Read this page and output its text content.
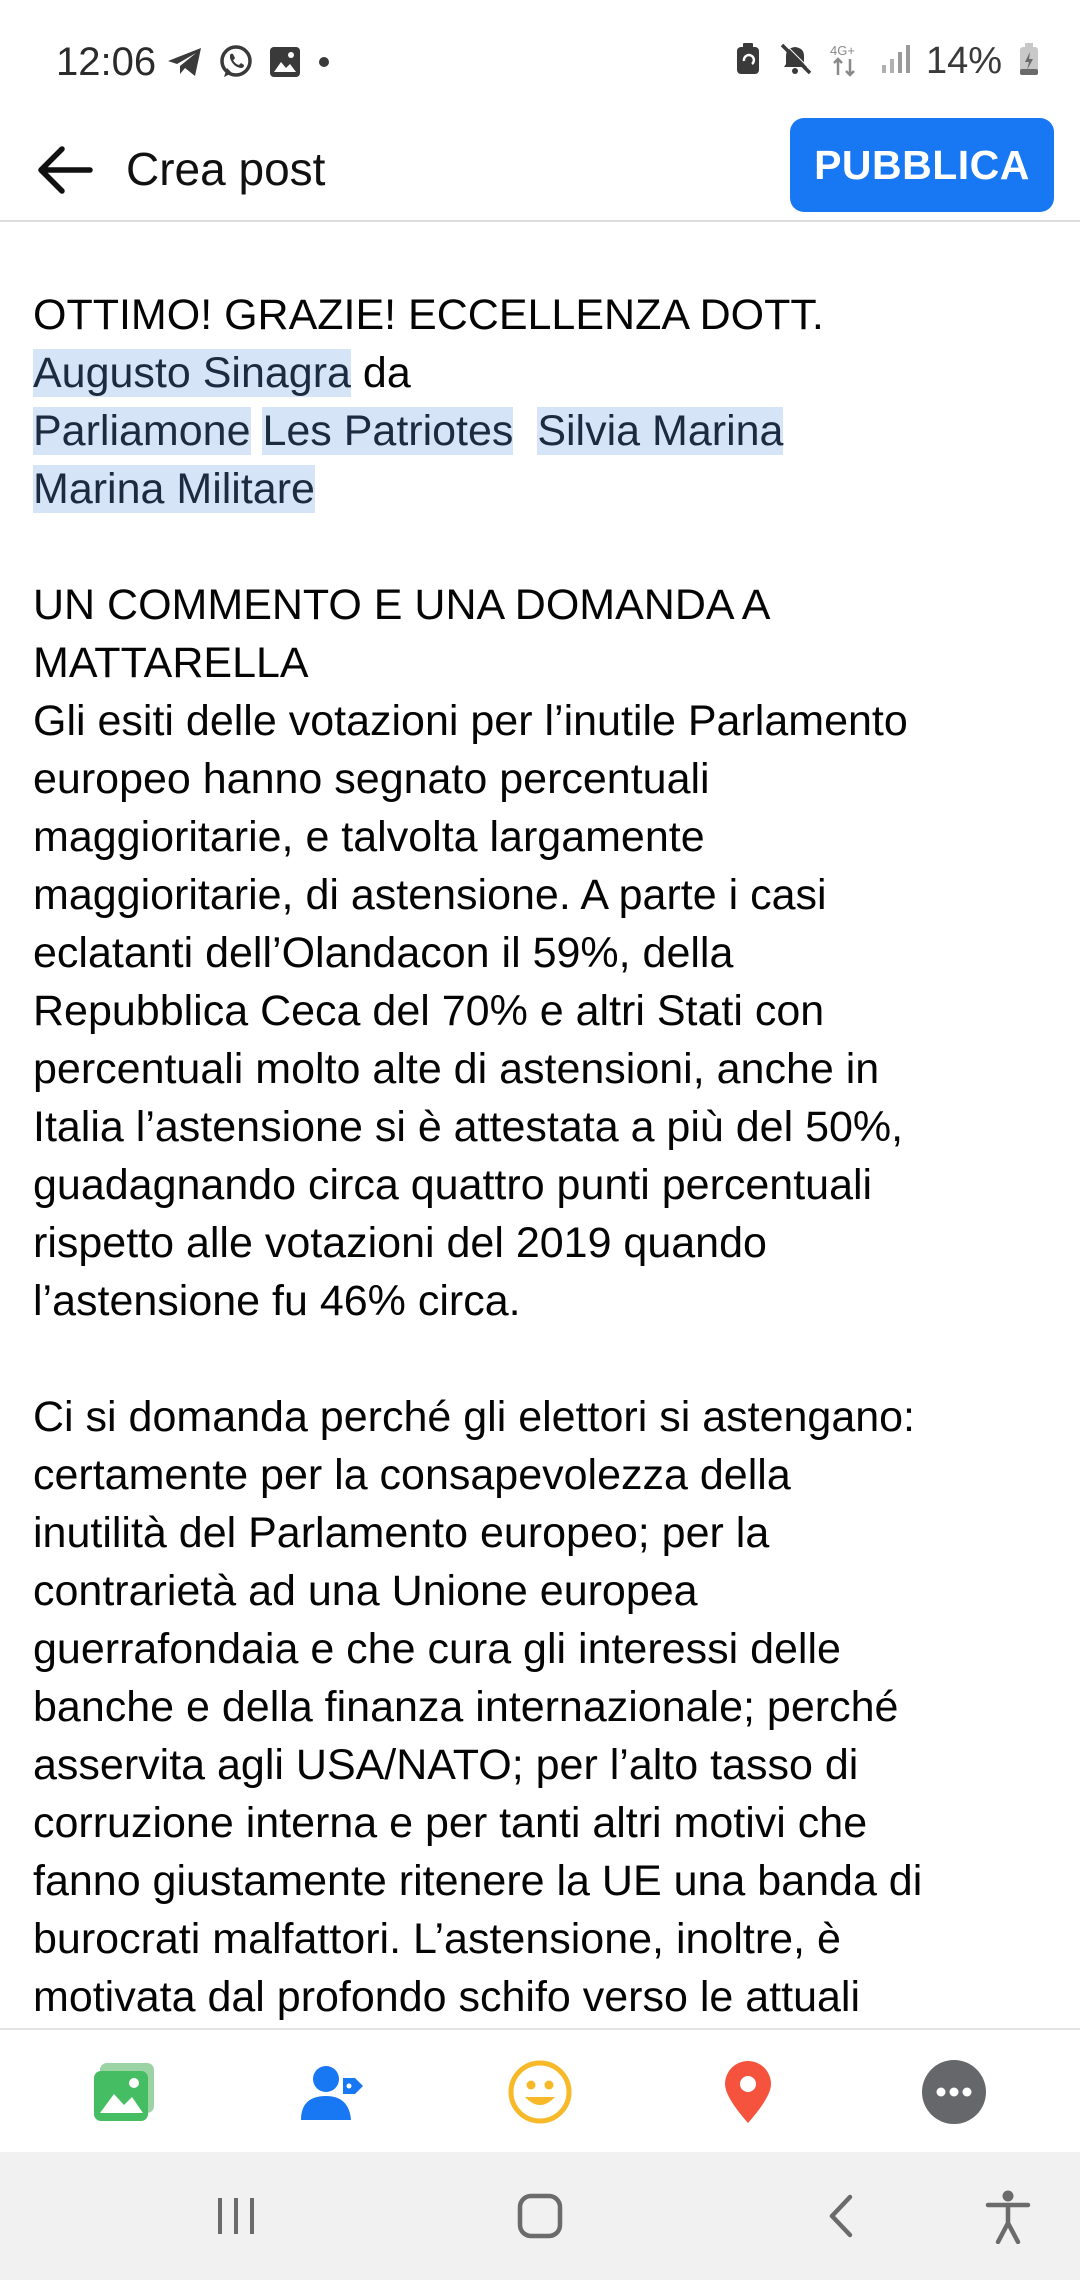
12:06	4G+ 14%
Crea post	PUBBLICA

OTTIMO! GRAZIE! ECCELLENZA DOTT.

Augusto Sinagra da

Parliamone Les Patriotes Silvia Marina

Marina Militare

UN COMMENTO E UNA DOMANDA A

MATTARELLA

Gli esiti delle votazioni per l’inutile Parlamento

europeo hanno segnato percentuali

maggioritarie, e talvolta largamente

maggioritarie, di astensione. A parte i casi

eclatanti dell’Olandacon il 59%, della

Repubblica Ceca del 70% e altri Stati con

percentuali molto alte di astensioni, anche in

Italia l’astensione si è attestata a più del 50%,

guadagnando circa quattro punti percentuali

rispetto alle votazioni del 2019 quando

l’astensione fu 46% circa.

Ci si domanda perché gli elettori si astengano:

certamente per la consapevolezza della

inutilità del Parlamento europeo; per la

contrarietà ad una Unione europea

guerrafondaia e che cura gli interessi delle

banche e della finanza internazionale; perché

asservita agli USA/NATO; per l’alto tasso di

corruzione interna e per tanti altri motivi che

fanno giustamente ritenere la UE una banda di

burocrati malfattori. L’astensione, inoltre, è

motivata dal profondo schifo verso le attuali
